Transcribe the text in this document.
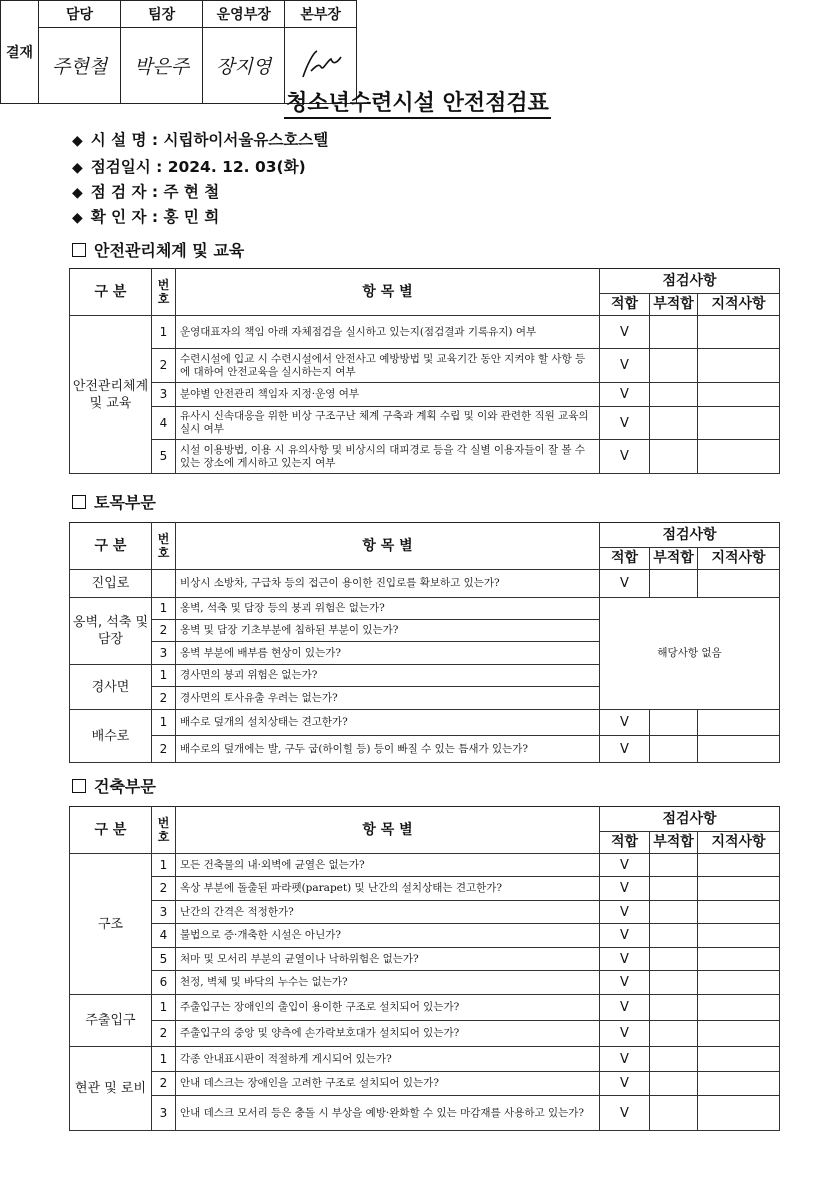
청소년수련시설 안전점검표
◆ 시 설 명 : 시립하이서울유스호스텔
◆ 점검일시 : 2024. 12. 03(화)
◆ 점 검 자 : 주 현 철
◆ 확 인 자 : 홍 민 희
결재	담당	팀장	운영부장	본부장
	주현철	박은주	장지영	
안전관리체계 및 교육
토목부문
건축부문
구 분	번 호	항 목 별	점검사항		
			적합	부적합	지적사항
안전관리체계 및 교육	1	운영대표자의 책임 아래 자체점검을 실시하고 있는지(점검결과 기록유지) 여부	V		
	2	수련시설에 입교 시 수련시설에서 안전사고 예방방법 및 교육기간 동안 지켜야 할 사항 등에 대하여 안전교육을 실시하는지 여부	V		
	3	분야별 안전관리 책임자 지정·운영 여부	V		
	4	유사시 신속대응을 위한 비상 구조구난 체계 구축과 계획 수립 및 이와 관련한 직원 교육의 실시 여부	V		
	5	시설 이용방법, 이용 시 유의사항 및 비상시의 대피경로 등을 각 실별 이용자들이 잘 볼 수 있는 장소에 게시하고 있는지 여부	V		
구 분	번 호	항 목 별	점검사항		
			적합	부적합	지적사항
진입로		비상시 소방차, 구급차 등의 접근이 용이한 진입로를 확보하고 있는가?	V		
옹벽, 석축 및 담장	1	옹벽, 석축 및 담장 등의 붕괴 위험은 없는가?	해당사항 없음		
	2	옹벽 및 담장 기초부분에 침하된 부분이 있는가?			
	3	옹벽 부분에 배부름 현상이 있는가?			
경사면	1	경사면의 붕괴 위험은 없는가?			
	2	경사면의 토사유출 우려는 없는가?			
배수로	1	배수로 덮개의 설치상태는 견고한가?	V		
	2	배수로의 덮개에는 발, 구두 굽(하이힐 등) 등이 빠질 수 있는 틈새가 있는가?	V		
구 분	번 호	항 목 별	점검사항		
			적합	부적합	지적사항
구조	1	모든 건축물의 내·외벽에 균열은 없는가?	V		
	2	옥상 부분에 돌출된 파라펫(parapet) 및 난간의 설치상태는 견고한가?	V		
	3	난간의 간격은 적정한가?	V		
	4	불법으로 증·개축한 시설은 아닌가?	V		
	5	처마 및 모서리 부분의 균열이나 낙하위험은 없는가?	V		
	6	천정, 벽체 및 바닥의 누수는 없는가?	V		
주출입구	1	주출입구는 장애인의 출입이 용이한 구조로 설치되어 있는가?	V		
	2	주출입구의 중앙 및 양측에 손가락보호대가 설치되어 있는가?	V		
현관 및 로비	1	각종 안내표시판이 적절하게 게시되어 있는가?	V		
	2	안내 데스크는 장애인을 고려한 구조로 설치되어 있는가?	V		
	3	안내 데스크 모서리 등은 충돌 시 부상을 예방·완화할 수 있는 마감재를 사용하고 있는가?	V		
